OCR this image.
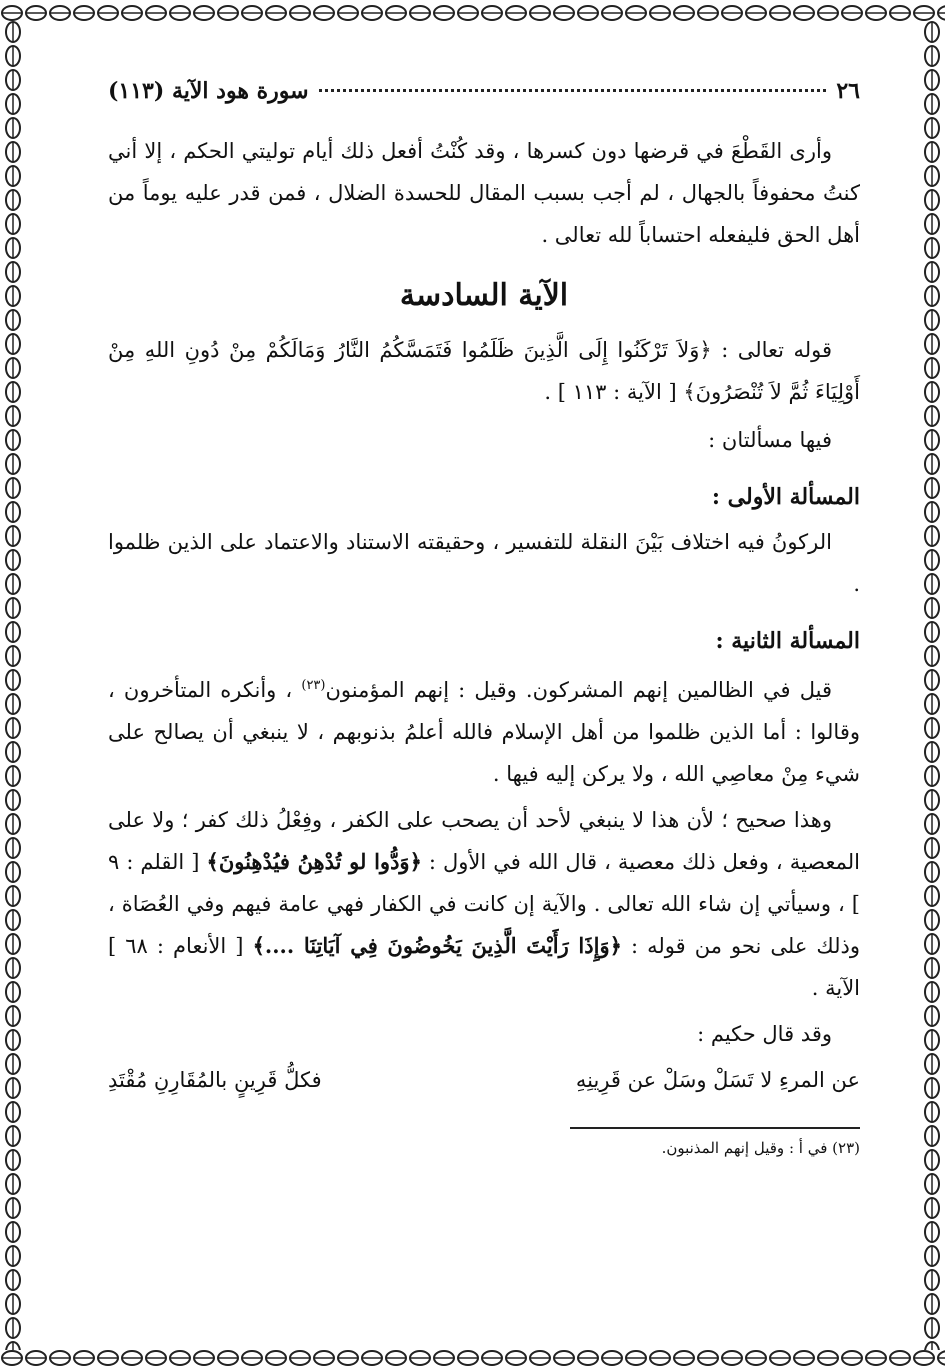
٢٦
سورة هود الآية (١١٣)

وأرى القَطْعَ في قرضها دون كسرها ، وقد كُنْتُ أفعل ذلك أيام توليتي الحكم ، إلا أني كنتُ محفوفاً بالجهال ، لم أجب بسبب المقال للحسدة الضلال ، فمن قدر عليه يوماً من أهل الحق فليفعله احتساباً لله تعالى .

الآية السادسة

قوله تعالى : ﴿وَلاَ تَرْكَنُوا إِلَى الَّذِينَ ظَلَمُوا فَتَمَسَّكُمُ النَّارُ وَمَالَكُمْ مِنْ دُونِ اللهِ مِنْ أَوْلِيَاءَ ثُمَّ لاَ تُنْصَرُونَ﴾ [ الآية : ١١٣ ] .

فيها مسألتان :

المسألة الأولى :

الركونُ فيه اختلاف بَيْنَ النقلة للتفسير ، وحقيقته الاستناد والاعتماد على الذين ظلموا .

المسألة الثانية :

قيل في الظالمين إنهم المشركون. وقيل : إنهم المؤمنون$^{(٢٣)}$ ، وأنكره المتأخرون ، وقالوا : أما الذين ظلموا من أهل الإسلام فالله أعلمُ بذنوبهم ، لا ينبغي أن يصالح على شيء مِنْ معاصِي الله ، ولا يركن إليه فيها .

وهذا صحيح ؛ لأن هذا لا ينبغي لأحد أن يصحب على الكفر ، وفِعْلُ ذلك كفر ؛ ولا على المعصية ، وفعل ذلك معصية ، قال الله في الأول : ﴿وَدُّوا لو تُدْهِنُ فيُدْهِنُونَ﴾ [ القلم : ٩ ] ، وسيأتي إن شاء الله تعالى . والآية إن كانت في الكفار فهي عامة فيهم وفي العُصَاة ، وذلك على نحو من قوله : ﴿وَإِذَا رَأَيْتَ الَّذِينَ يَخُوضُونَ فِي آيَاتِنَا ....﴾ [ الأنعام : ٦٨ ] الآية .

وقد قال حكيم :

عن المرءِ لا تَسَلْ وسَلْ عن قَرِينِهِ
فكلُّ قَرِينٍ بالمُقَارِنِ مُقْتَدِ
(٢٣) في أ : وقيل إنهم المذنبون.
